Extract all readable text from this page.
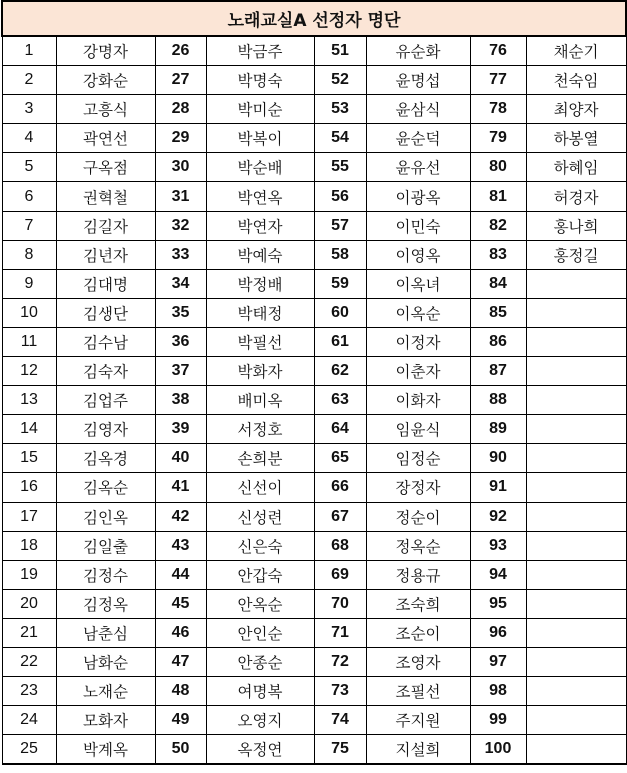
노래교실A 선정자 명단							
1	강명자	26	박금주	51	유순화	76	채순기
2	강화순	27	박명숙	52	윤명섭	77	천숙임
3	고흥식	28	박미순	53	윤삼식	78	최양자
4	곽연선	29	박복이	54	윤순덕	79	하봉열
5	구옥점	30	박순배	55	윤유선	80	하혜임
6	권혁철	31	박연옥	56	이광옥	81	허경자
7	김길자	32	박연자	57	이민숙	82	홍나희
8	김년자	33	박예숙	58	이영옥	83	홍정길
9	김대명	34	박정배	59	이옥녀	84	
10	김생단	35	박태정	60	이옥순	85	
11	김수남	36	박필선	61	이정자	86	
12	김숙자	37	박화자	62	이춘자	87	
13	김업주	38	배미옥	63	이화자	88	
14	김영자	39	서정호	64	임윤식	89	
15	김옥경	40	손희분	65	임정순	90	
16	김옥순	41	신선이	66	장정자	91	
17	김인옥	42	신성련	67	정순이	92	
18	김일출	43	신은숙	68	정옥순	93	
19	김정수	44	안갑숙	69	정용규	94	
20	김정옥	45	안옥순	70	조숙희	95	
21	남춘심	46	안인순	71	조순이	96	
22	남화순	47	안종순	72	조영자	97	
23	노재순	48	여명복	73	조필선	98	
24	모화자	49	오영지	74	주지원	99	
25	박계옥	50	옥정연	75	지설희	100	
